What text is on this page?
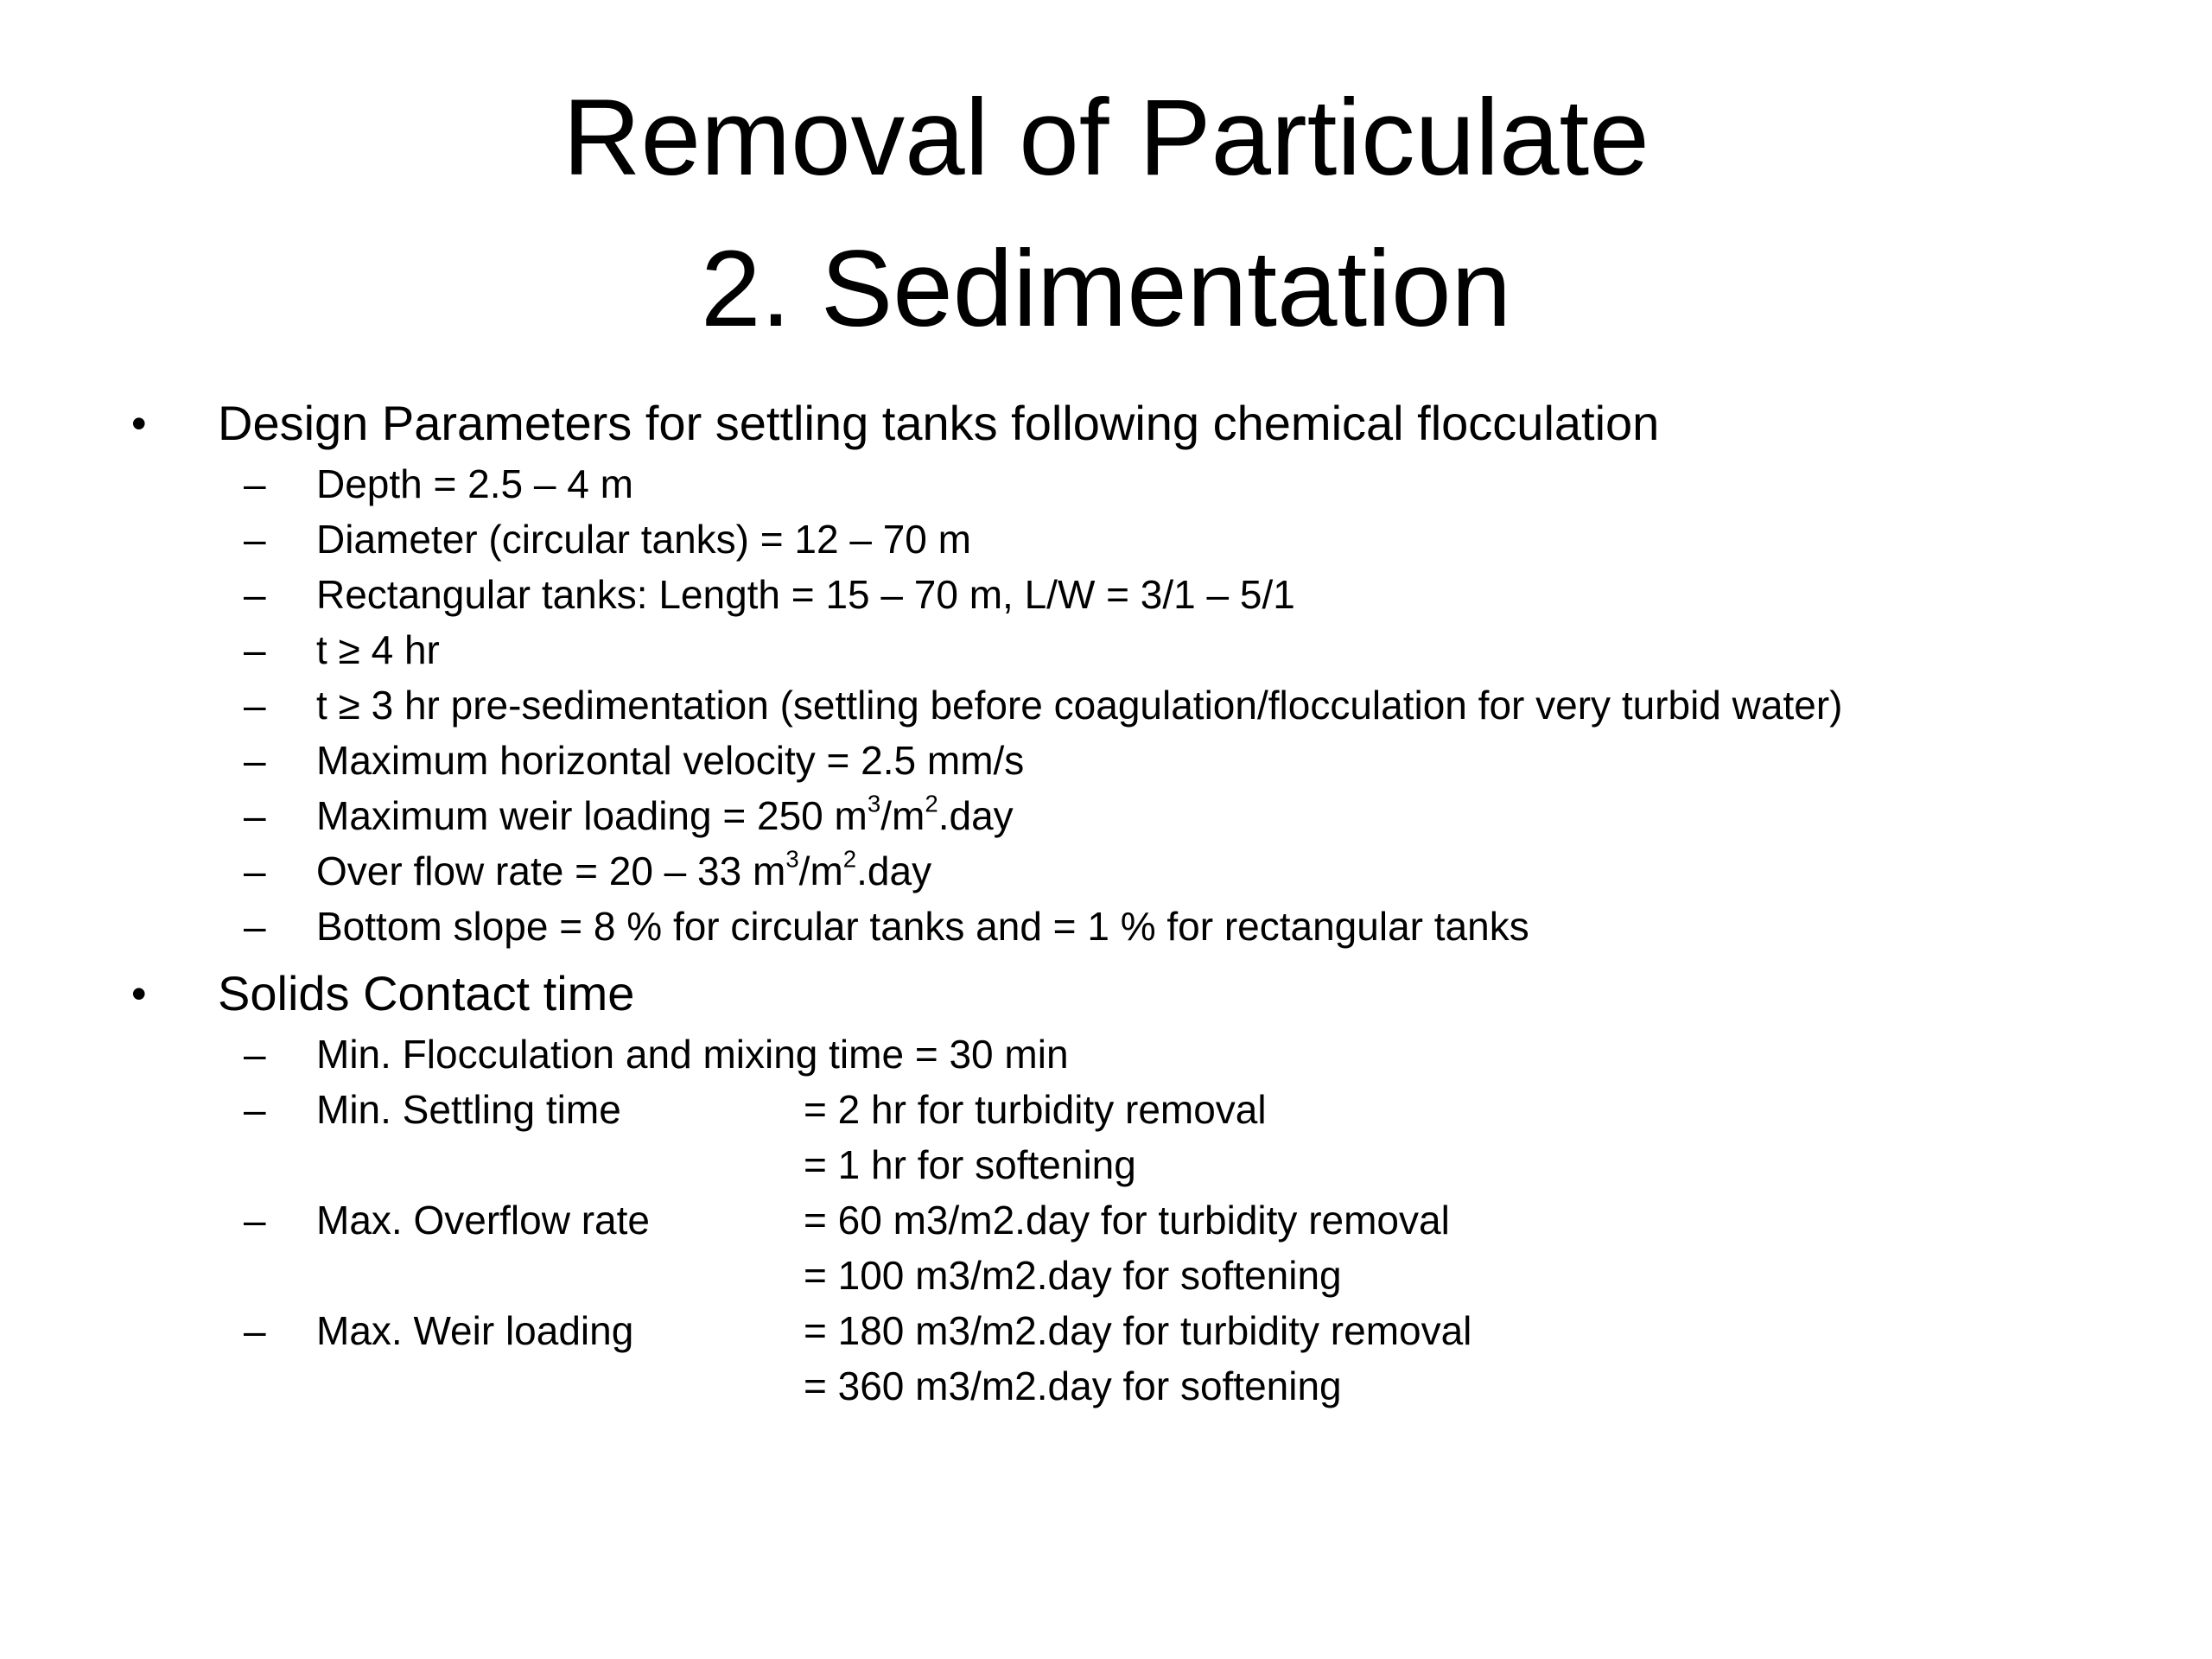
Removal of Particulate
2. Sedimentation
• Design Parameters for settling tanks following chemical flocculation
– Depth = 2.5 – 4 m
– Diameter (circular tanks) = 12 – 70 m
– Rectangular tanks: Length = 15 – 70 m, L/W = 3/1 – 5/1
– t ≥ 4 hr
– t ≥ 3 hr pre-sedimentation (settling before coagulation/flocculation for very turbid water)
– Maximum horizontal velocity = 2.5 mm/s
– Maximum weir loading = 250 $m^3/m^2.day$
– Over flow rate = 20 – 33 $m^3/m^2.day$
– Bottom slope = 8 % for circular tanks and = 1 % for rectangular tanks
• Solids Contact time
– Min. Flocculation and mixing time = 30 min
– Min. Settling time	= 2 hr for turbidity removal
= 1 hr for softening
– Max. Overflow rate	= 60 m3/m2.day for turbidity removal
= 100 m3/m2.day for softening
– Max. Weir loading	= 180 m3/m2.day for turbidity removal
= 360 m3/m2.day for softening
